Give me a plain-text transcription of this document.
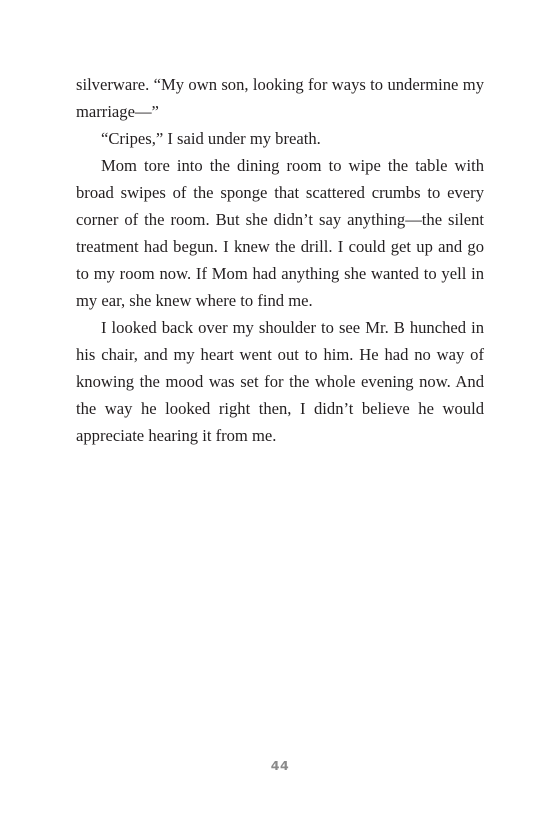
silverware. “My own son, looking for ways to undermine my marriage—”

“Cripes,” I said under my breath.

Mom tore into the dining room to wipe the table with broad swipes of the sponge that scattered crumbs to every corner of the room. But she didn’t say anything—the silent treatment had begun. I knew the drill. I could get up and go to my room now. If Mom had anything she wanted to yell in my ear, she knew where to find me.

I looked back over my shoulder to see Mr. B hunched in his chair, and my heart went out to him. He had no way of knowing the mood was set for the whole evening now. And the way he looked right then, I didn’t believe he would appreciate hearing it from me.

44
